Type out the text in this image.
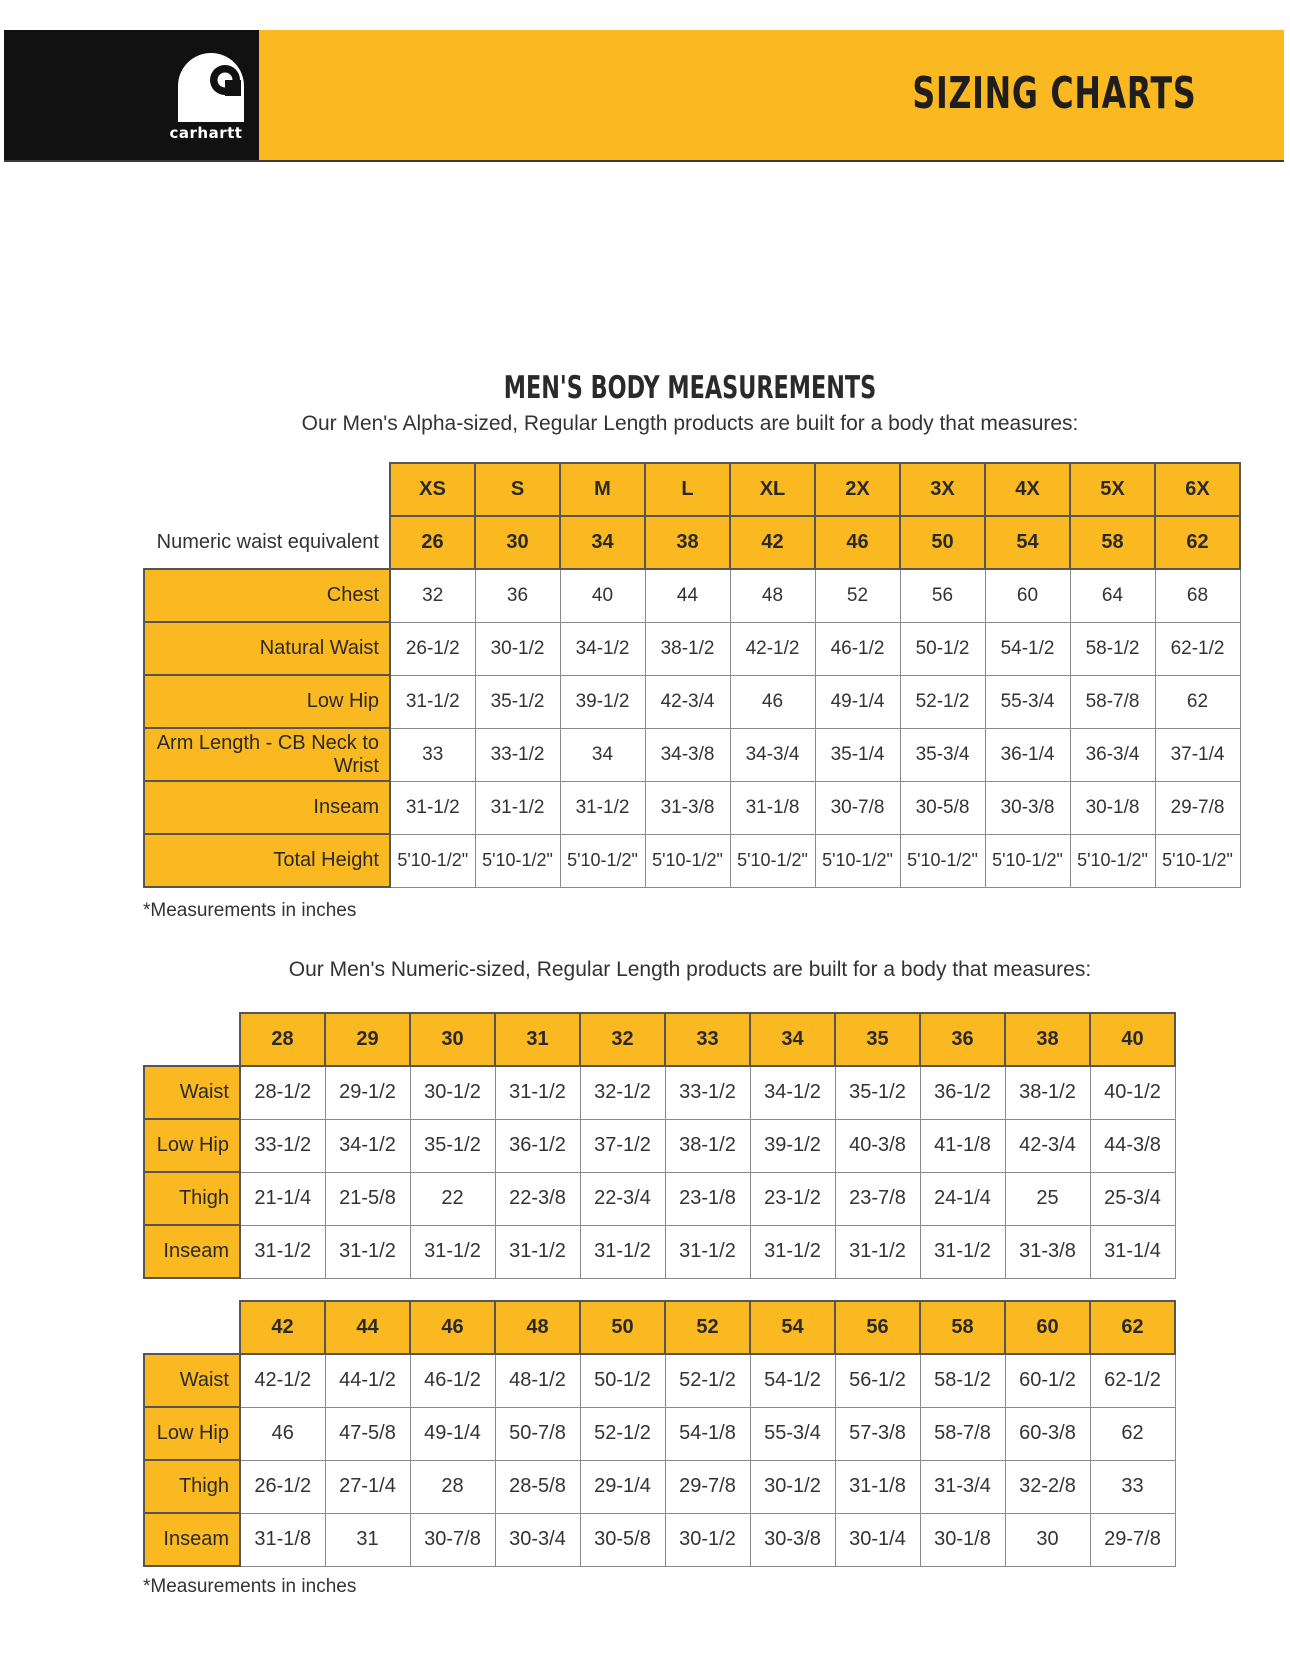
carhartt
SIZING CHARTS
MEN'S BODY MEASUREMENTS
Our Men's Alpha-sized, Regular Length products are built for a body that measures:
	XS	S	M	L	XL	2X	3X	4X	5X	6X
Numeric waist equivalent	26	30	34	38	42	46	50	54	58	62
Chest	32	36	40	44	48	52	56	60	64	68
Natural Waist	26-1/2	30-1/2	34-1/2	38-1/2	42-1/2	46-1/2	50-1/2	54-1/2	58-1/2	62-1/2
Low Hip	31-1/2	35-1/2	39-1/2	42-3/4	46	49-1/4	52-1/2	55-3/4	58-7/8	62
Arm Length - CB Neck to Wrist	33	33-1/2	34	34-3/8	34-3/4	35-1/4	35-3/4	36-1/4	36-3/4	37-1/4
Inseam	31-1/2	31-1/2	31-1/2	31-3/8	31-1/8	30-7/8	30-5/8	30-3/8	30-1/8	29-7/8
Total Height	5'10-1/2"	5'10-1/2"	5'10-1/2"	5'10-1/2"	5'10-1/2"	5'10-1/2"	5'10-1/2"	5'10-1/2"	5'10-1/2"	5'10-1/2"
*Measurements in inches
Our Men's Numeric-sized, Regular Length products are built for a body that measures:
	28	29	30	31	32	33	34	35	36	38	40
Waist	28-1/2	29-1/2	30-1/2	31-1/2	32-1/2	33-1/2	34-1/2	35-1/2	36-1/2	38-1/2	40-1/2
Low Hip	33-1/2	34-1/2	35-1/2	36-1/2	37-1/2	38-1/2	39-1/2	40-3/8	41-1/8	42-3/4	44-3/8
Thigh	21-1/4	21-5/8	22	22-3/8	22-3/4	23-1/8	23-1/2	23-7/8	24-1/4	25	25-3/4
Inseam	31-1/2	31-1/2	31-1/2	31-1/2	31-1/2	31-1/2	31-1/2	31-1/2	31-1/2	31-3/8	31-1/4
	42	44	46	48	50	52	54	56	58	60	62
Waist	42-1/2	44-1/2	46-1/2	48-1/2	50-1/2	52-1/2	54-1/2	56-1/2	58-1/2	60-1/2	62-1/2
Low Hip	46	47-5/8	49-1/4	50-7/8	52-1/2	54-1/8	55-3/4	57-3/8	58-7/8	60-3/8	62
Thigh	26-1/2	27-1/4	28	28-5/8	29-1/4	29-7/8	30-1/2	31-1/8	31-3/4	32-2/8	33
Inseam	31-1/8	31	30-7/8	30-3/4	30-5/8	30-1/2	30-3/8	30-1/4	30-1/8	30	29-7/8
*Measurements in inches
